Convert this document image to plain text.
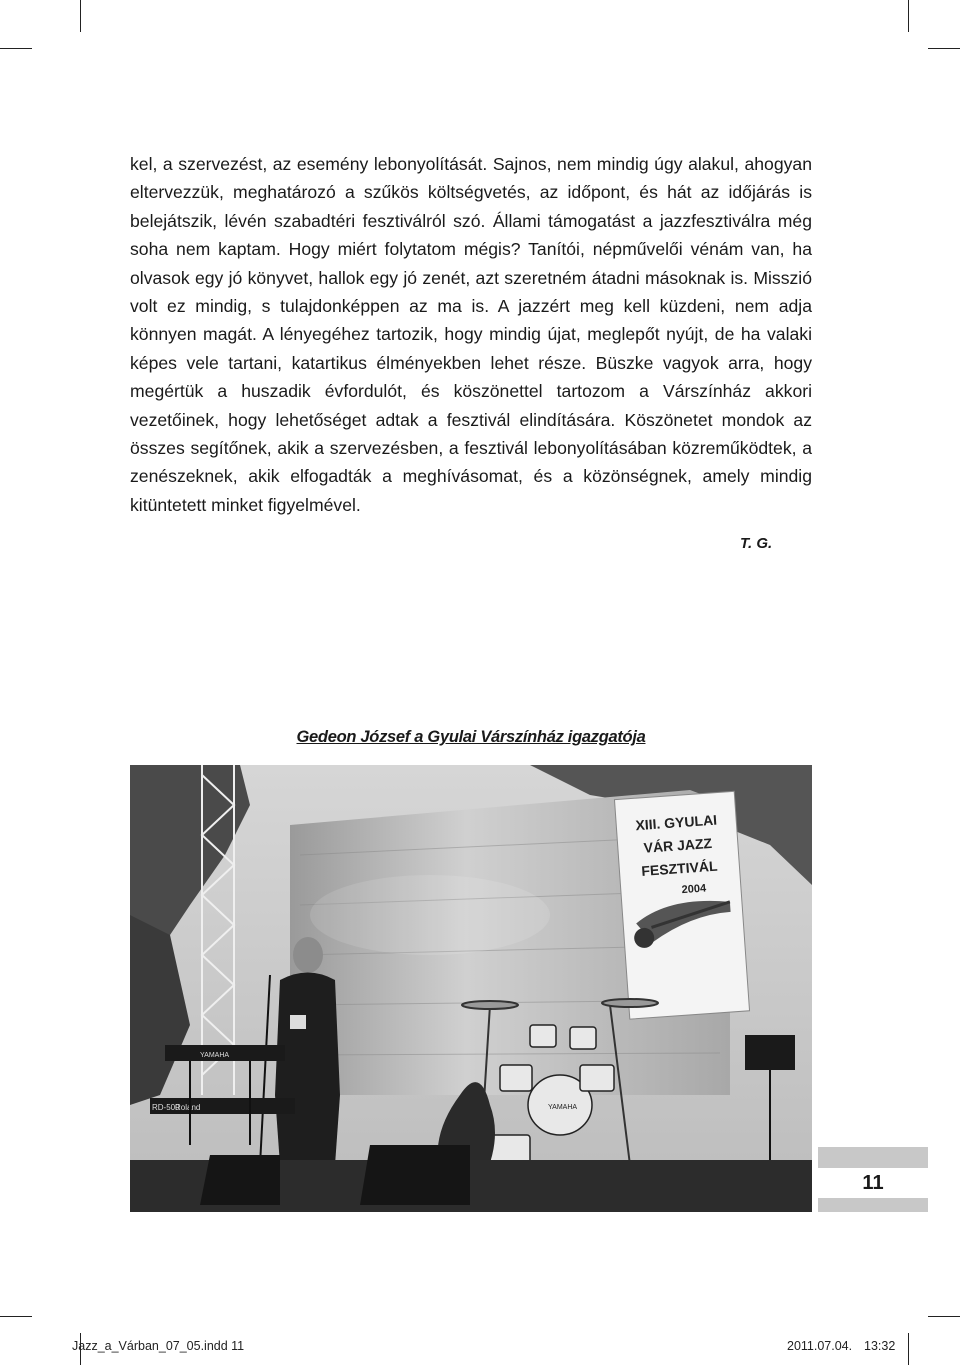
kel, a szervezést, az esemény lebonyolítását. Sajnos, nem mindig úgy alakul, ahogyan eltervezzük, meghatározó a szűkös költségvetés, az időpont, és hát az időjárás is belejátszik, lévén szabadtéri fesztiválról szó. Állami támogatást a jazzfesztiválra még soha nem kaptam. Hogy miért folytatom mégis? Tanítói, népművelői vénám van, ha olvasok egy jó könyvet, hallok egy jó zenét, azt szeretném átadni másoknak is. Misszió volt ez mindig, s tulajdonképpen az ma is. A jazzért meg kell küzdeni, nem adja könnyen magát. A lényegéhez tartozik, hogy mindig újat, meglepőt nyújt, de ha valaki képes vele tartani, katartikus élményekben lehet része. Büszke vagyok arra, hogy megértük a huszadik évfordulót, és köszönettel tartozom a Várszínház akkori vezetőinek, hogy lehetőséget adtak a fesztivál elindítására. Köszönetet mondok az összes segítőnek, akik a szervezésben, a fesztivál lebonyolításában közreműködtek, a zenészeknek, akik elfogadták a meghívásomat, és a közönségnek, amely mindig kitüntetett minket figyelmével.

T. G.
Gedeon József a Gyulai Várszínház igazgatója
XIII. GYULAI
VÁR JAZZ
FESZTIVÁL
2004
YAMAHA
RD-500
Roland	YAMAHA
11
Jazz_a_Várban_07_05.indd 11	2011.07.04. 13:32
